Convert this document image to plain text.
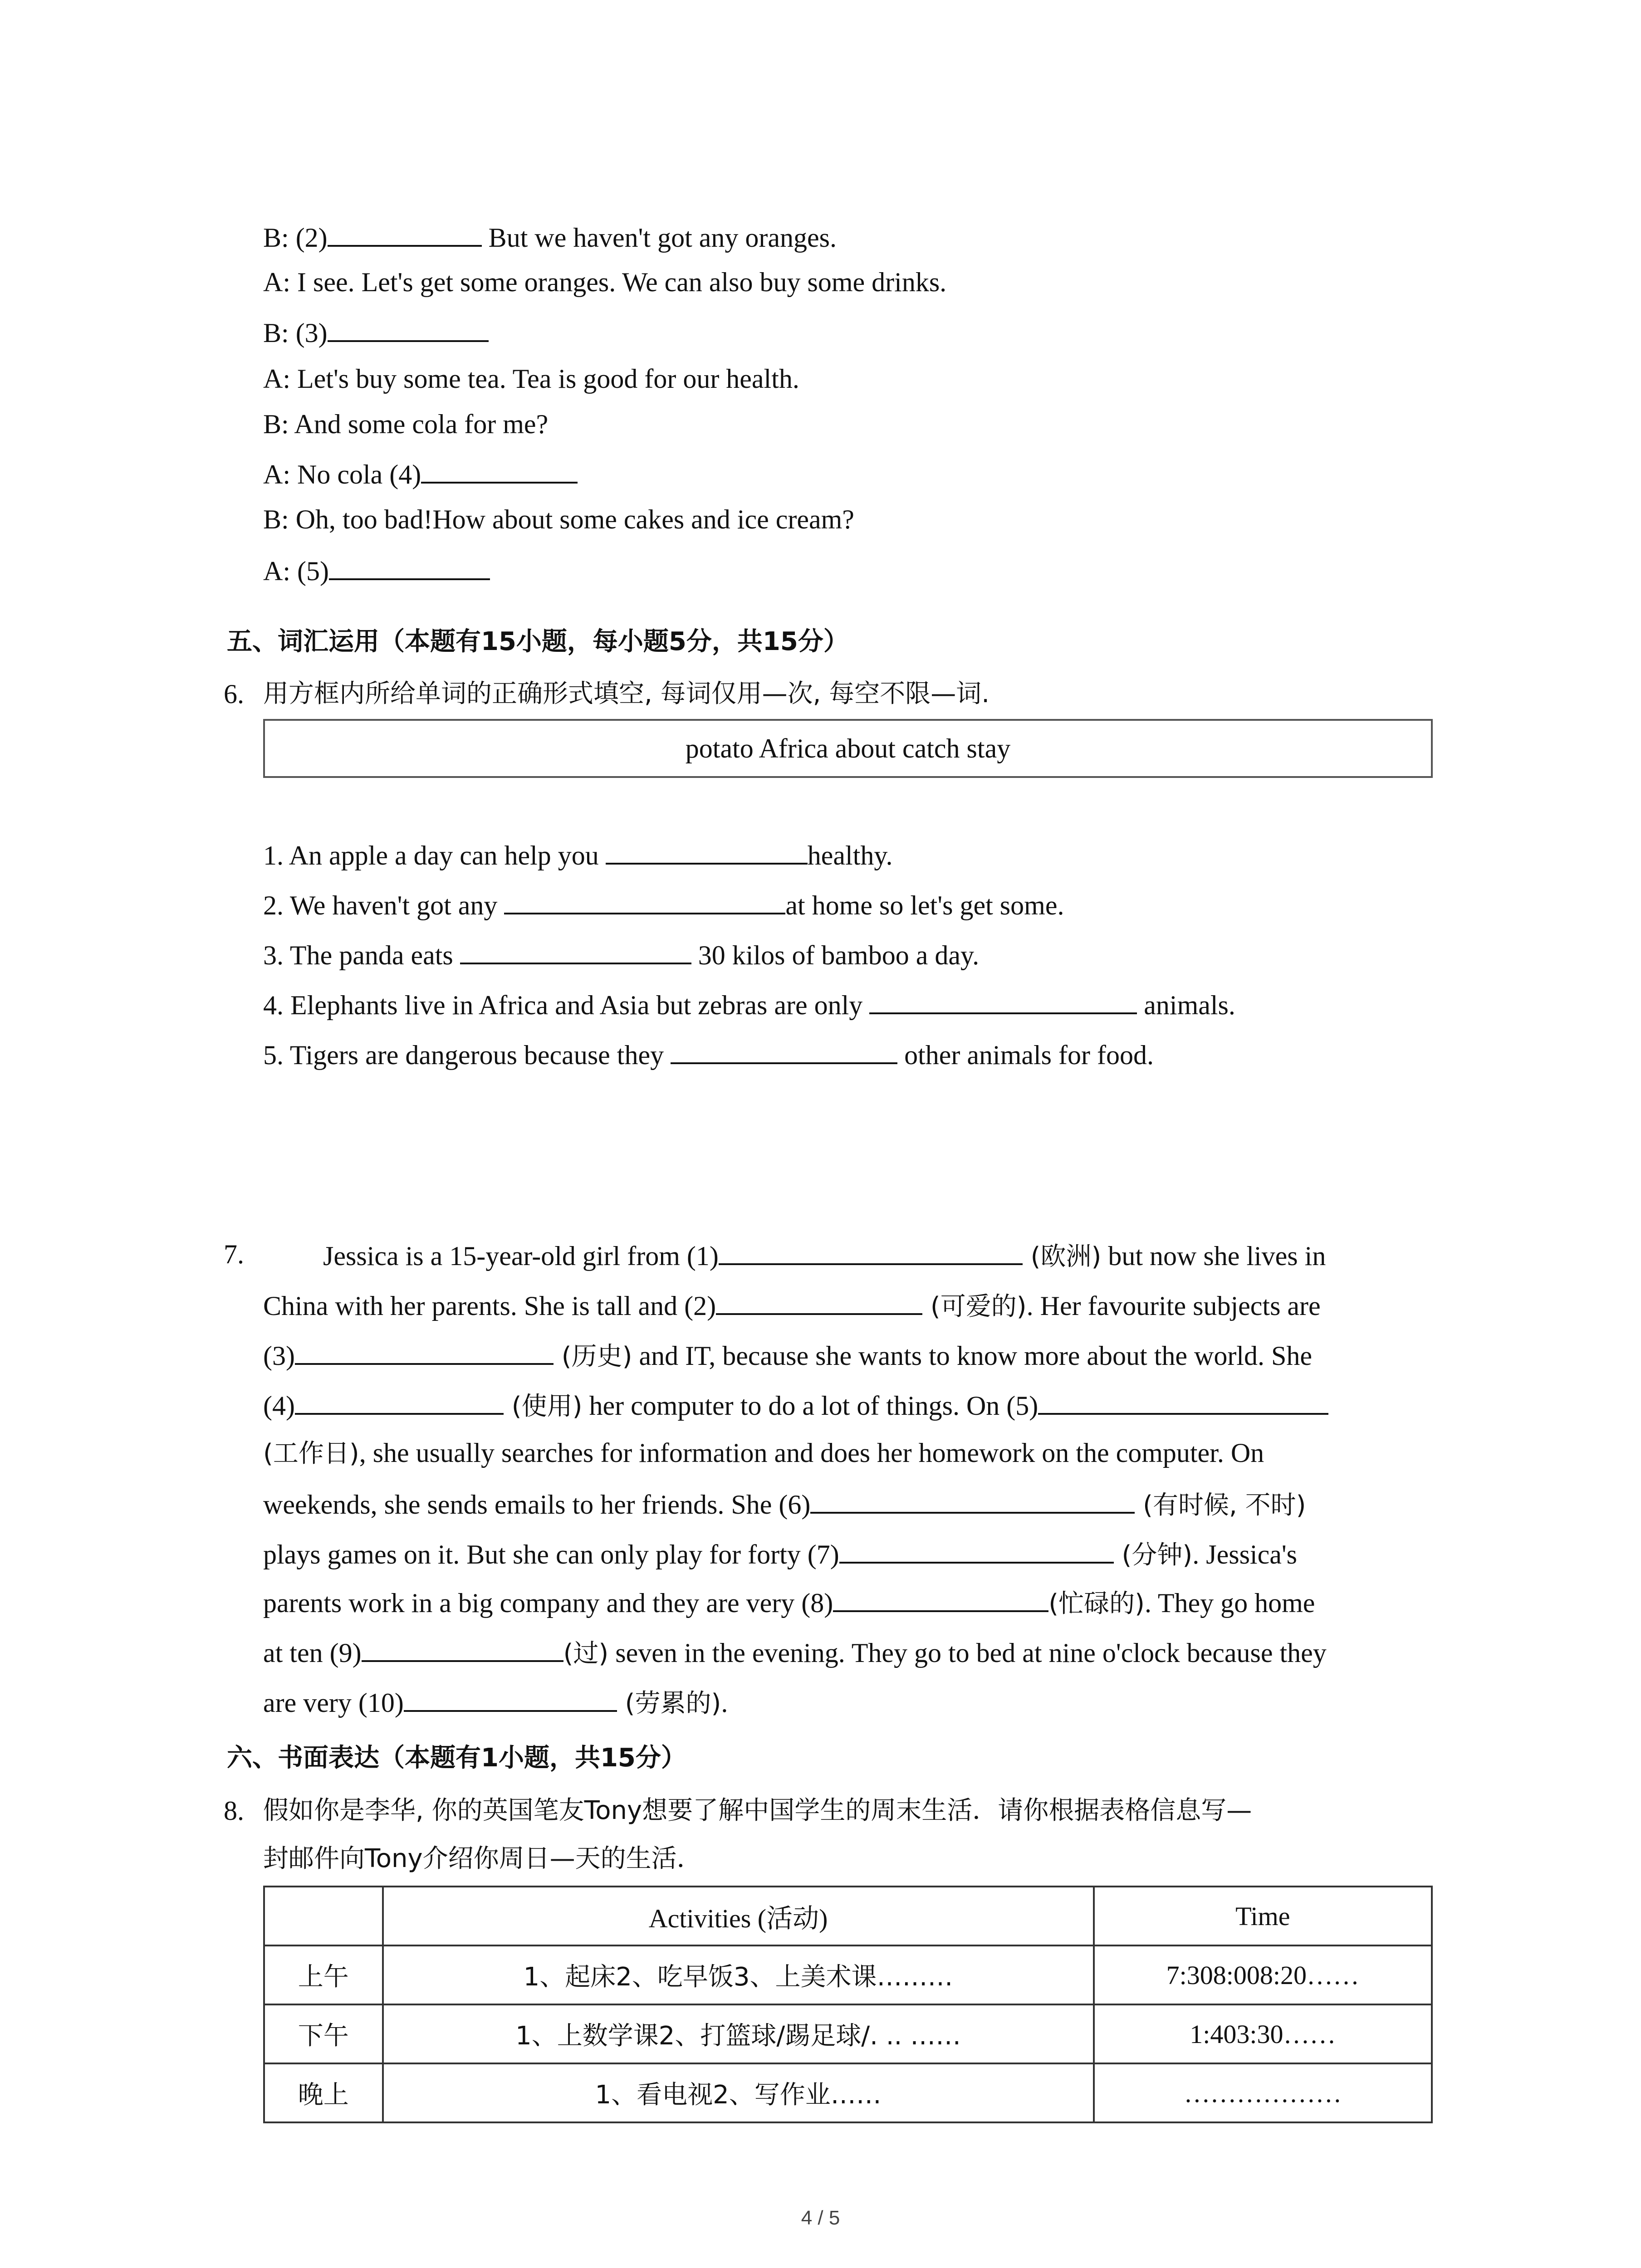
B: (2)	But we haven't got any oranges.
A: I see. Let's get some oranges. We can also buy some drinks.
B: (3)
A: Let's buy some tea. Tea is good for our health.
B: And some cola for me?
A: No cola (4)
B: Oh, too bad!How about some cakes and ice cream?
A: (5)
五、词汇运用（本题有15小题，每小题5分，共15分）
6. 用方框内所给单词的正确形式填空, 每词仅用—次, 每空不限—词.
potato Africa about catch stay
1. An apple a day can help you	healthy.
2. We haven't got any	at home so let's get some.
3. The panda eats	30 kilos of bamboo a day.
4. Elephants live in Africa and Asia but zebras are only	animals.
5. Tigers are dangerous because they	other animals for food.
7.	Jessica is a 15-year-old girl from (1)	(欧洲) but now she lives in
China with her parents. She is tall and (2)	(可爱的). Her favourite subjects are
(3)	(历史) and IT, because she wants to know more about the world. She
(4)	(使用) her computer to do a lot of things. On (5)
(工作日), she usually searches for information and does her homework on the computer. On
weekends, she sends emails to her friends. She (6)	(有时候, 不时)
plays games on it. But she can only play for forty (7)	(分钟). Jessica's
parents work in a big company and they are very (8)	(忙碌的). They go home
at ten (9)	(过) seven in the evening. They go to bed at nine o'clock because they
are very (10)	(劳累的).
六、书面表达（本题有1小题，共15分）
8. 假如你是李华, 你的英国笔友Tony想要了解中国学生的周末生活．请你根据表格信息写—
封邮件向Tony介绍你周日—天的生活．
	Activities (活动)	Time
上午	1、起床2、吃早饭3、上美术课………	7:308:008:20……
下午	1、上数学课2、打篮球/踢足球/. .. ……	1:403:30……
晚上	1、看电视2、写作业……	………………
4 / 5
